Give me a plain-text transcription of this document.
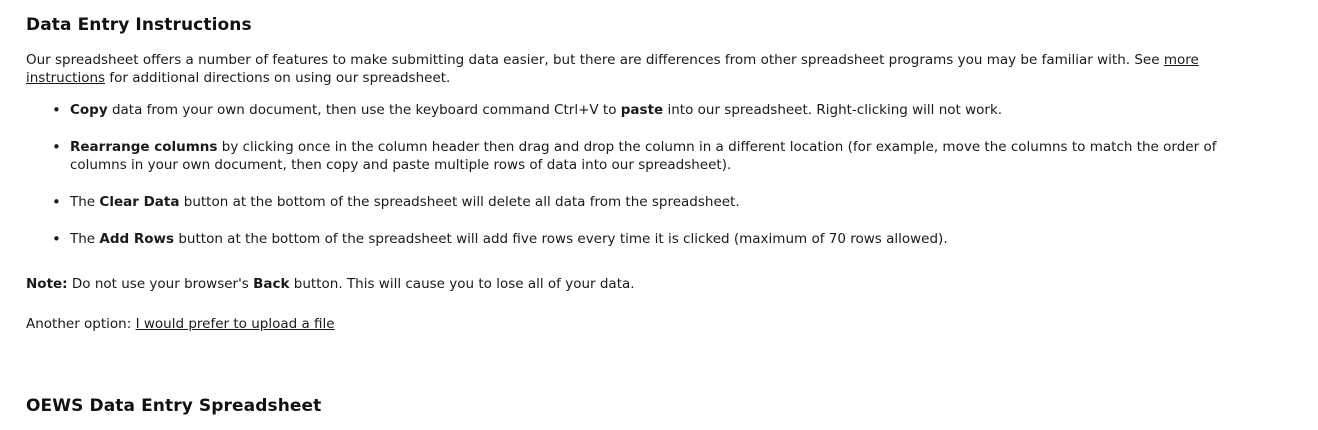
Data Entry Instructions

Our spreadsheet offers a number of features to make submitting data easier, but there are differences from other spreadsheet programs you may be familiar with. See more instructions for additional directions on using our spreadsheet.

• Copy data from your own document, then use the keyboard command Ctrl+V to paste into our spreadsheet. Right-clicking will not work.
• Rearrange columns by clicking once in the column header then drag and drop the column in a different location (for example, move the columns to match the order of columns in your own document, then copy and paste multiple rows of data into our spreadsheet).
• The Clear Data button at the bottom of the spreadsheet will delete all data from the spreadsheet.
• The Add Rows button at the bottom of the spreadsheet will add five rows every time it is clicked (maximum of 70 rows allowed).

Note: Do not use your browser's Back button. This will cause you to lose all of your data.

Another option: I would prefer to upload a file

OEWS Data Entry Spreadsheet
